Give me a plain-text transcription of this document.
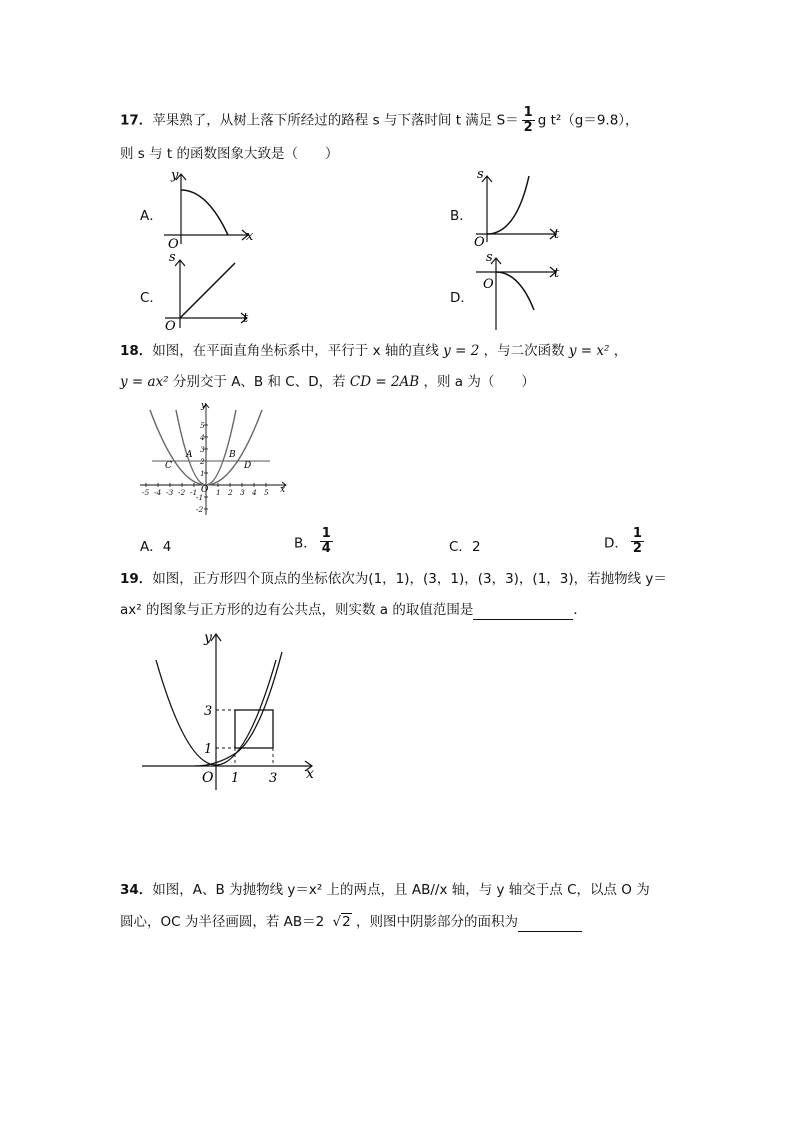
17．苹果熟了，从树上落下所经过的路程 s 与下落时间 t 满足 $S= \frac{1}{2}$ g t²（g＝9.8），
则 s 与 t 的函数图象大致是（　　）
A．
y
x
O
B．
s
t
O
C．
s
t
O
D．
s
t
O
18．如图，在平面直角坐标系中，平行于 x 轴的直线 y = 2 ，与二次函数 y = x² ，
y = ax² 分别交于 A、B 和 C、D，若 CD = 2AB ，则 a 为（　　）
-5 -4 -3 -2 -1 1 2 3 4 5
5
4
3
2
1
-1
-2
y
x
A	B
C	D
O
A．4	B． $\frac{1}{4}$	C．2	D． $\frac{1}{2}$
19．如图，正方形四个顶点的坐标依次为(1，1)，(3，1)，(3，3)，(1，3)，若抛物线 y＝
ax² 的图象与正方形的边有公共点，则实数 a 的取值范围是	．
y
x
O 1 3
1
3
34．如图，A、B 为抛物线 y＝x² 上的两点，且 AB//x 轴，与 y 轴交于点 C，以点 O 为
圆心，OC 为半径画圆，若 AB＝2 √2 ，则图中阴影部分的面积为
